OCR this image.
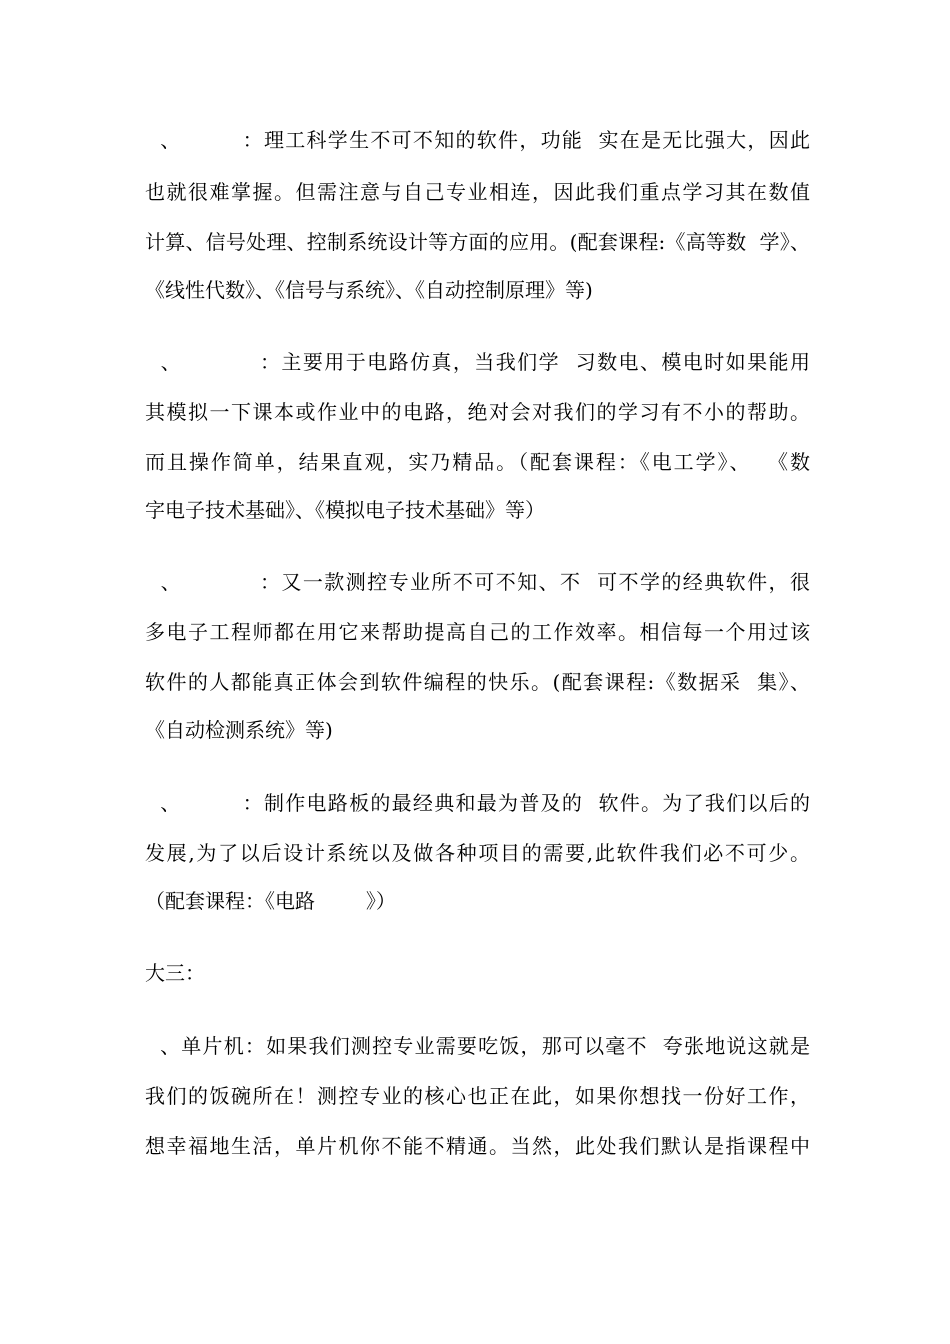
、        ：理工科学生不可不知的软件，功能  实在是无比强大，因此
也就很难掌握。但需注意与自己专业相连，因此我们重点学习其在数值
计算、信号处理、控制系统设计等方面的应用。(配套课程:《高等数  学》、
《线性代数》、《信号与系统》、《自动控制原理》等)
、          ：主要用于电路仿真，当我们学  习数电、模电时如果能用
其模拟一下课本或作业中的电路，绝对会对我们的学习有不小的帮助。
而且操作简单，结果直观，实乃精品。（配套课程：《电工学》、  《数
字电子技术基础》、《模拟电子技术基础》等）
、          ：又一款测控专业所不可不知、不  可不学的经典软件，很
多电子工程师都在用它来帮助提高自己的工作效率。相信每一个用过该
软件的人都能真正体会到软件编程的快乐。(配套课程:《数据采  集》、
《自动检测系统》等)
、        ：制作电路板的最经典和最为普及的  软件。为了我们以后的
发展,为了以后设计系统以及做各种项目的需要,此软件我们必不可少。
（配套课程：《电路        》）
大三：
、单片机：如果我们测控专业需要吃饭，那可以毫不  夸张地说这就是
我们的饭碗所在！测控专业的核心也正在此，如果你想找一份好工作，
想幸福地生活，单片机你不能不精通。当然，此处我们默认是指课程中
